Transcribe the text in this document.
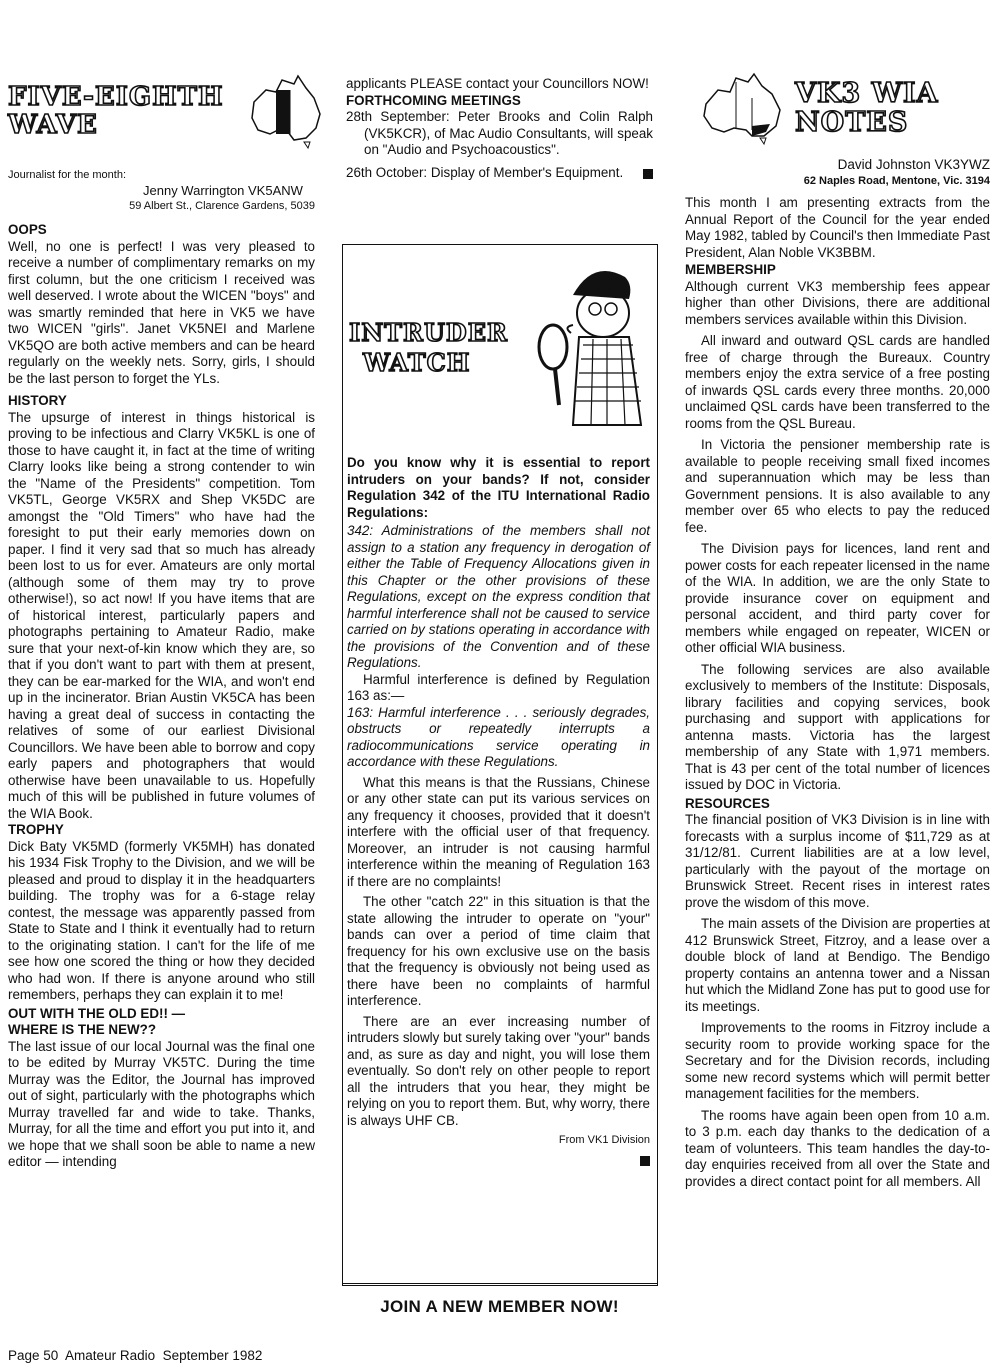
FIVE-EIGHTH
WAVE
Journalist for the month:
Jenny Warrington VK5ANW
59 Albert St., Clarence Gardens, 5039
OOPS

Well, no one is perfect! I was very pleased to receive a number of complimentary remarks on my first column, but the one criticism I received was well deserved. I wrote about the WICEN "boys" and was smartly reminded that here in VK5 we have two WICEN "girls". Janet VK5NEI and Marlene VK5QO are both active members and can be heard regularly on the weekly nets. Sorry, girls, I should be the last person to forget the YLs.

HISTORY

The upsurge of interest in things historical is proving to be infectious and Clarry VK5KL is one of those to have caught it, in fact at the time of writing Clarry looks like being a strong contender to win the "Name of the Presidents" competition. Tom VK5TL, George VK5RX and Shep VK5DC are amongst the "Old Timers" who have had the foresight to put their early memories down on paper. I find it very sad that so much has already been lost to us for ever. Amateurs are only mortal (although some of them may try to prove otherwise!), so act now! If you have items that are of historical interest, particularly papers and photographs pertaining to Amateur Radio, make sure that your next-of-kin know which they are, so that if you don't want to part with them at present, they can be ear-marked for the WIA, and won't end up in the incinerator. Brian Austin VK5CA has been having a great deal of success in contacting the relatives of some of our earliest Divisional Councillors. We have been able to borrow and copy early papers and photographers that would otherwise have been unavailable to us. Hopefully much of this will be published in future volumes of the WIA Book.

TROPHY

Dick Baty VK5MD (formerly VK5MH) has donated his 1934 Fisk Trophy to the Division, and we will be pleased and proud to display it in the headquarters building. The trophy was for a 6-stage relay contest, the message was apparently passed from State to State and I think it eventually had to return to the originating station. I can't for the life of me see how one scored the thing or how they decided who had won. If there is anyone around who still remembers, perhaps they can explain it to me!

OUT WITH THE OLD ED!! —
WHERE IS THE NEW??

The last issue of our local Journal was the final one to be edited by Murray VK5TC. During the time Murray was the Editor, the Journal has improved out of sight, particularly with the photographs which Murray travelled far and wide to take. Thanks, Murray, for all the time and effort you put into it, and we hope that we shall soon be able to name a new editor — intending

applicants PLEASE contact your Councillors NOW!

FORTHCOMING MEETINGS

28th September: Peter Brooks and Colin Ralph (VK5KCR), of Mac Audio Consultants, will speak on "Audio and Psychoacoustics".

26th October: Display of Member's Equipment.

INTRUDER
WATCH

Do you know why it is essential to report intruders on your bands? If not, consider Regulation 342 of the ITU International Radio Regulations:

342: Administrations of the members shall not assign to a station any frequency in derogation of either the Table of Frequency Allocations given in this Chapter or the other provisions of these Regulations, except on the express condition that harmful interference shall not be caused to service carried on by stations operating in accordance with the provisions of the Convention and of these Regulations.

Harmful interference is defined by Regulation 163 as:—

163: Harmful interference . . . seriously degrades, obstructs or repeatedly interrupts a radiocommunications service operating in accordance with these Regulations.

What this means is that the Russians, Chinese or any other state can put its various services on any frequency it chooses, provided that it doesn't interfere with the official user of that frequency. Moreover, an intruder is not causing harmful interference within the meaning of Regulation 163 if there are no complaints!

The other "catch 22" in this situation is that the state allowing the intruder to operate on "your" bands can over a period of time claim that frequency for his own exclusive use on the basis that the frequency is obviously not being used as there have been no complaints of harmful interference.

There are an ever increasing number of intruders slowly but surely taking over "your" bands and, as sure as day and night, you will lose them eventually. So don't rely on other people to report all the intruders that you hear, they might be relying on you to report them. But, why worry, there is always UHF CB.

From VK1 Division
JOIN A NEW MEMBER NOW!
VK3 WIA
NOTES
David Johnston VK3YWZ
62 Naples Road, Mentone, Vic. 3194

This month I am presenting extracts from the Annual Report of the Council for the year ended May 1982, tabled by Council's then Immediate Past President, Alan Noble VK3BBM.

MEMBERSHIP

Although current VK3 membership fees appear higher than other Divisions, there are additional members services available within this Division.

All inward and outward QSL cards are handled free of charge through the Bureaux. Country members enjoy the extra service of a free posting of inwards QSL cards every three months. 20,000 unclaimed QSL cards have been transferred to the rooms from the QSL Bureau.

In Victoria the pensioner membership rate is available to people receiving small fixed incomes and superannuation which may be less than Government pensions. It is also available to any member over 65 who elects to pay the reduced fee.

The Division pays for licences, land rent and power costs for each repeater licensed in the name of the WIA. In addition, we are the only State to provide insurance cover on equipment and personal accident, and third party cover for members while engaged on repeater, WICEN or other official WIA business.

The following services are also available exclusively to members of the Institute: Disposals, library facilities and copying services, book purchasing and support with applications for antenna masts. Victoria has the largest membership of any State with 1,971 members. That is 43 per cent of the total number of licences issued by DOC in Victoria.

RESOURCES

The financial position of VK3 Division is in line with forecasts with a surplus income of $11,729 as at 31/12/81. Current liabilities are at a low level, particularly with the payout of the mortage on Brunswick Street. Recent rises in interest rates prove the wisdom of this move.

The main assets of the Division are properties at 412 Brunswick Street, Fitzroy, and a lease over a double block of land at Bendigo. The Bendigo property contains an antenna tower and a Nissan hut which the Midland Zone has put to good use for its meetings.

Improvements to the rooms in Fitzroy include a security room to provide working space for the Secretary and for the Division records, including some new record systems which will permit better management facilities for the members.

The rooms have again been open from 10 a.m. to 3 p.m. each day thanks to the dedication of a team of volunteers. This team handles the day-to-day enquiries received from all over the State and provides a direct contact point for all members. All

Page 50  Amateur Radio  September 1982
